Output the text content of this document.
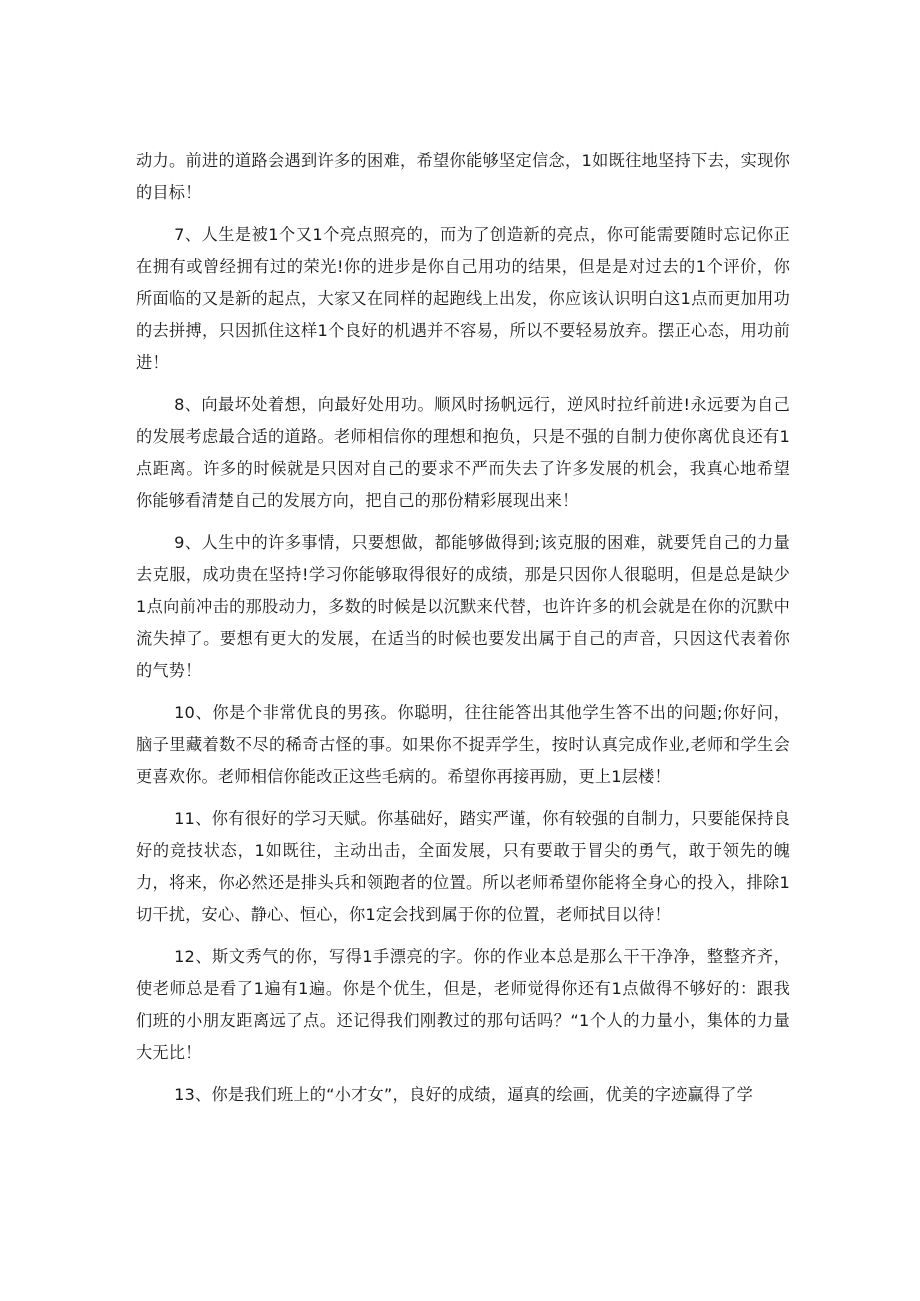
动力。前进的道路会遇到许多的困难，希望你能够坚定信念，1如既往地坚持下去，实现你的目标！

7、人生是被1个又1个亮点照亮的，而为了创造新的亮点，你可能需要随时忘记你正在拥有或曾经拥有过的荣光!你的进步是你自己用功的结果，但是是对过去的1个评价，你所面临的又是新的起点，大家又在同样的起跑线上出发，你应该认识明白这1点而更加用功的去拼搏，只因抓住这样1个良好的机遇并不容易，所以不要轻易放弃。摆正心态，用功前进！

8、向最坏处着想，向最好处用功。顺风时扬帆远行，逆风时拉纤前进!永远要为自己的发展考虑最合适的道路。老师相信你的理想和抱负，只是不强的自制力使你离优良还有1点距离。许多的时候就是只因对自己的要求不严而失去了许多发展的机会，我真心地希望你能够看清楚自己的发展方向，把自己的那份精彩展现出来！

9、人生中的许多事情，只要想做，都能够做得到;该克服的困难，就要凭自己的力量去克服，成功贵在坚持!学习你能够取得很好的成绩，那是只因你人很聪明，但是总是缺少1点向前冲击的那股动力，多数的时候是以沉默来代替，也许许多的机会就是在你的沉默中流失掉了。要想有更大的发展，在适当的时候也要发出属于自己的声音，只因这代表着你的气势！

10、你是个非常优良的男孩。你聪明，往往能答出其他学生答不出的问题;你好问，脑子里藏着数不尽的稀奇古怪的事。如果你不捉弄学生，按时认真完成作业,老师和学生会更喜欢你。老师相信你能改正这些毛病的。希望你再接再励，更上1层楼！

11、你有很好的学习天赋。你基础好，踏实严谨，你有较强的自制力，只要能保持良好的竞技状态，1如既往，主动出击，全面发展，只有要敢于冒尖的勇气，敢于领先的魄力，将来，你必然还是排头兵和领跑者的位置。所以老师希望你能将全身心的投入，排除1切干扰，安心、静心、恒心，你1定会找到属于你的位置，老师拭目以待！

12、斯文秀气的你，写得1手漂亮的字。你的作业本总是那么干干净净，整整齐齐，使老师总是看了1遍有1遍。你是个优生，但是，老师觉得你还有1点做得不够好的：跟我们班的小朋友距离远了点。还记得我们刚教过的那句话吗？“1个人的力量小，集体的力量大无比！

13、你是我们班上的“小才女”，良好的成绩，逼真的绘画，优美的字迹赢得了学
